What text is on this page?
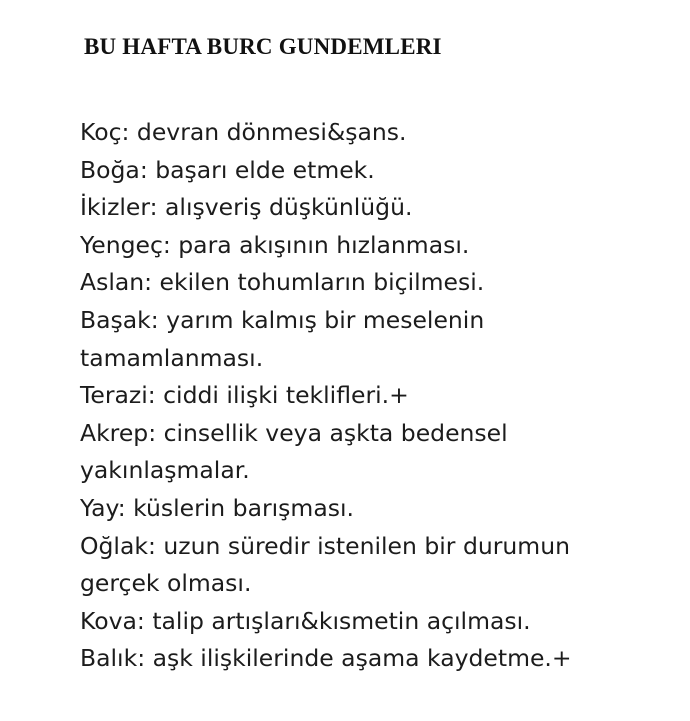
BU HAFTA BURC GUNDEMLERI
Koç: devran dönmesi&şans.
Boğa: başarı elde etmek.
İkizler: alışveriş düşkünlüğü.
Yengeç: para akışının hızlanması.
Aslan: ekilen tohumların biçilmesi.
Başak: yarım kalmış bir meselenin
tamamlanması.
Terazi: ciddi ilişki teklifleri.+
Akrep: cinsellik veya aşkta bedensel
yakınlaşmalar.
Yay: küslerin barışması.
Oğlak: uzun süredir istenilen bir durumun
gerçek olması.
Kova: talip artışları&kısmetin açılması.
Balık: aşk ilişkilerinde aşama kaydetme.+
